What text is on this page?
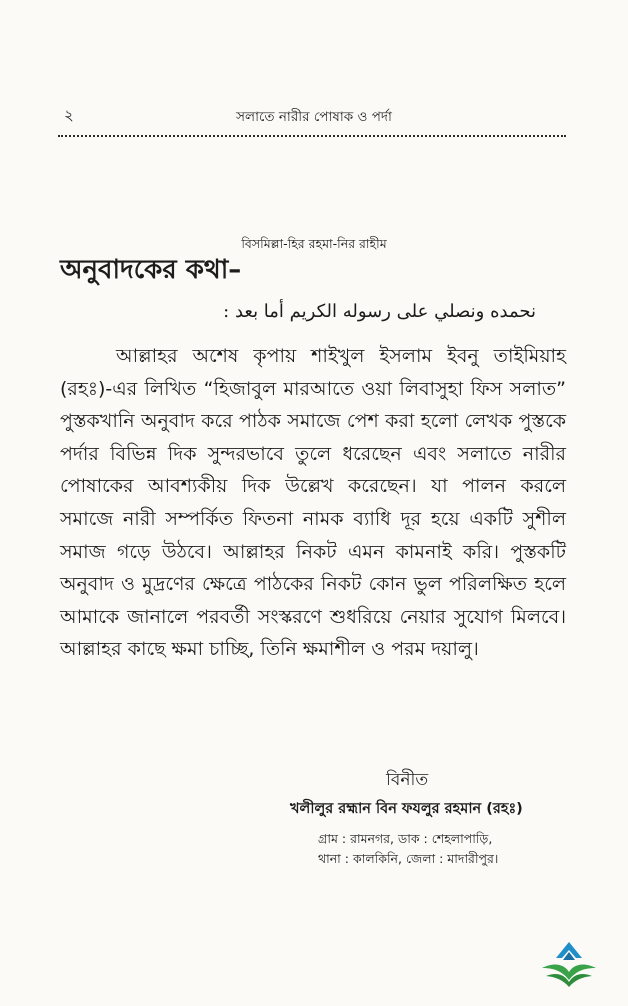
২	সলাতে নারীর পোষাক ও পর্দা
বিসমিল্লা-হির রহমা-নির রাহীম
অনুবাদকের কথা–
نحمده ونصلي على رسوله الكريم أما بعد :

আল্লাহর অশেষ কৃপায় শাইখুল ইসলাম ইবনু তাইমিয়াহ (রহঃ)-এর লিখিত “হিজাবুল মারআতে ওয়া লিবাসুহা ফিস সলাত” পুস্তকখানি অনুবাদ করে পাঠক সমাজে পেশ করা হলো লেখক পুস্তকে পর্দার বিভিন্ন দিক সুন্দরভাবে তুলে ধরেছেন এবং সলাতে নারীর পোষাকের আবশ্যকীয় দিক উল্লেখ করেছেন। যা পালন করলে সমাজে নারী সম্পর্কিত ফিতনা নামক ব্যাধি দূর হয়ে একটি সুশীল সমাজ গড়ে উঠবে। আল্লাহর নিকট এমন কামনাই করি। পুস্তকটি অনুবাদ ও মুদ্রণের ক্ষেত্রে পাঠকের নিকট কোন ভুল পরিলক্ষিত হলে আমাকে জানালে পরবর্তী সংস্করণে শুধরিয়ে নেয়ার সুযোগ মিলবে। আল্লাহর কাছে ক্ষমা চাচ্ছি, তিনি ক্ষমাশীল ও পরম দয়ালু।

বিনীত
খলীলুর রহ্মান বিন ফযলুর রহমান (রহঃ)
গ্রাম : রামনগর, ডাক : শেহলাপাড়ি,
থানা : কালকিনি, জেলা : মাদারীপুর।
